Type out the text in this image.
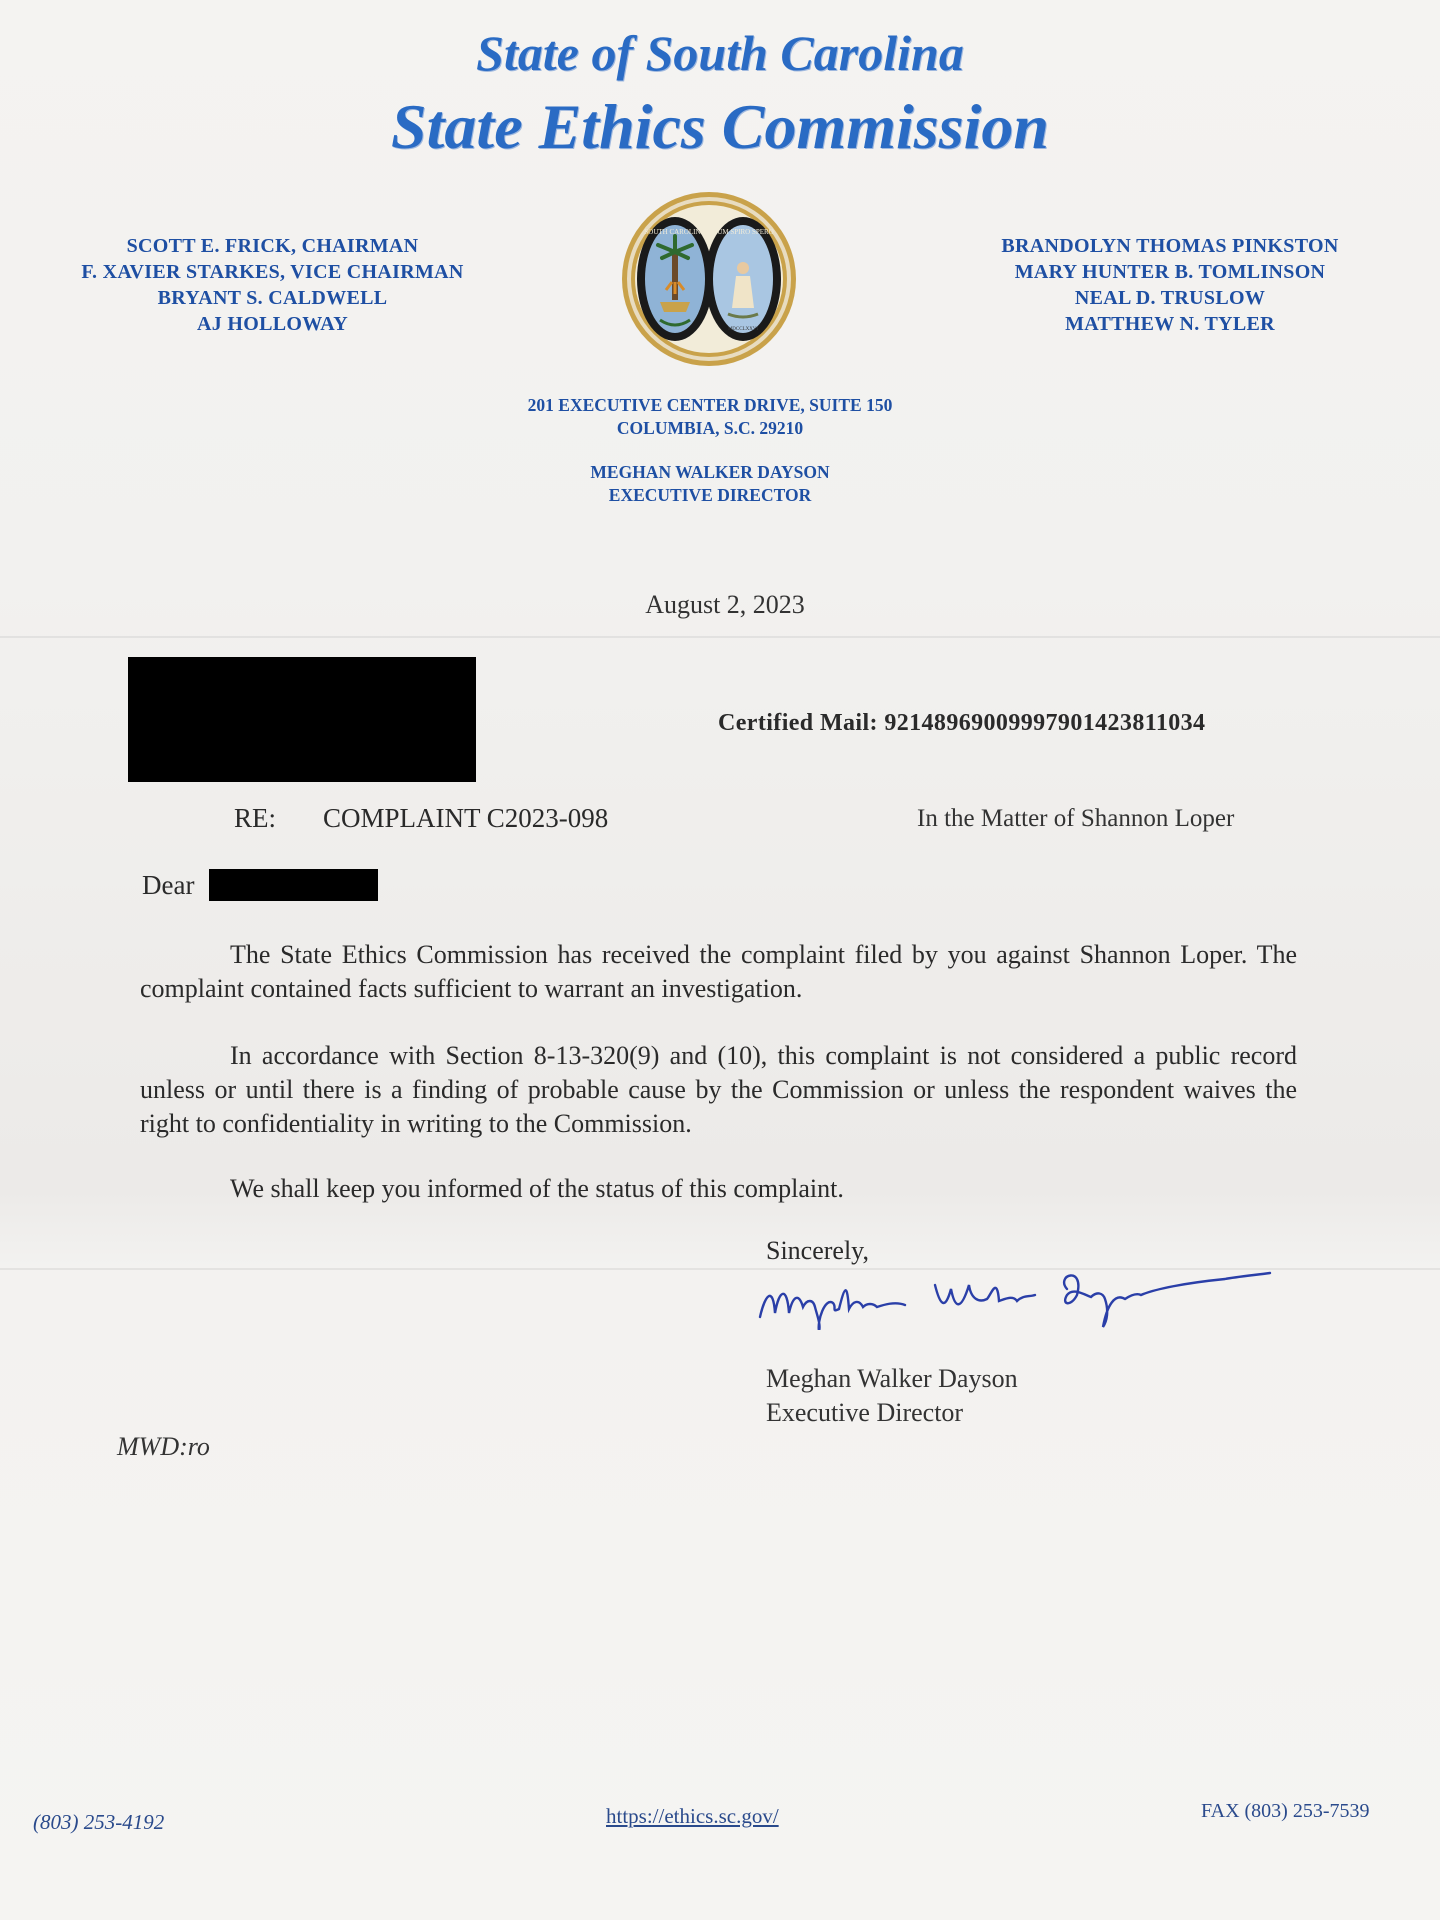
State of South Carolina
State Ethics Commission
SCOTT E. FRICK, CHAIRMAN
F. XAVIER STARKES, VICE CHAIRMAN
BRYANT S. CALDWELL
AJ HOLLOWAY
BRANDOLYN THOMAS PINKSTON
MARY HUNTER B. TOMLINSON
NEAL D. TRUSLOW
MATTHEW N. TYLER
SOUTH CAROLINA DUM SPIRO SPERO
MDCCLXXVI
201 EXECUTIVE CENTER DRIVE, SUITE 150
COLUMBIA, S.C. 29210
MEGHAN WALKER DAYSON
EXECUTIVE DIRECTOR
August 2, 2023
Certified Mail: 9214896900999790142381103​4
RE: COMPLAINT C2023-098	In the Matter of Shannon Loper
Dear
The State Ethics Commission has received the complaint filed by you against Shannon Loper. The complaint contained facts sufficient to warrant an investigation.
In accordance with Section 8-13-320(9) and (10), this complaint is not considered a public record unless or until there is a finding of probable cause by the Commission or unless the respondent waives the right to confidentiality in writing to the Commission.
We shall keep you informed of the status of this complaint.
Sincerely,
Meghan Walker Dayson
Executive Director
MWD:ro
(803) 253-4192	https://ethics.sc.gov/	FAX (803) 253-7539
